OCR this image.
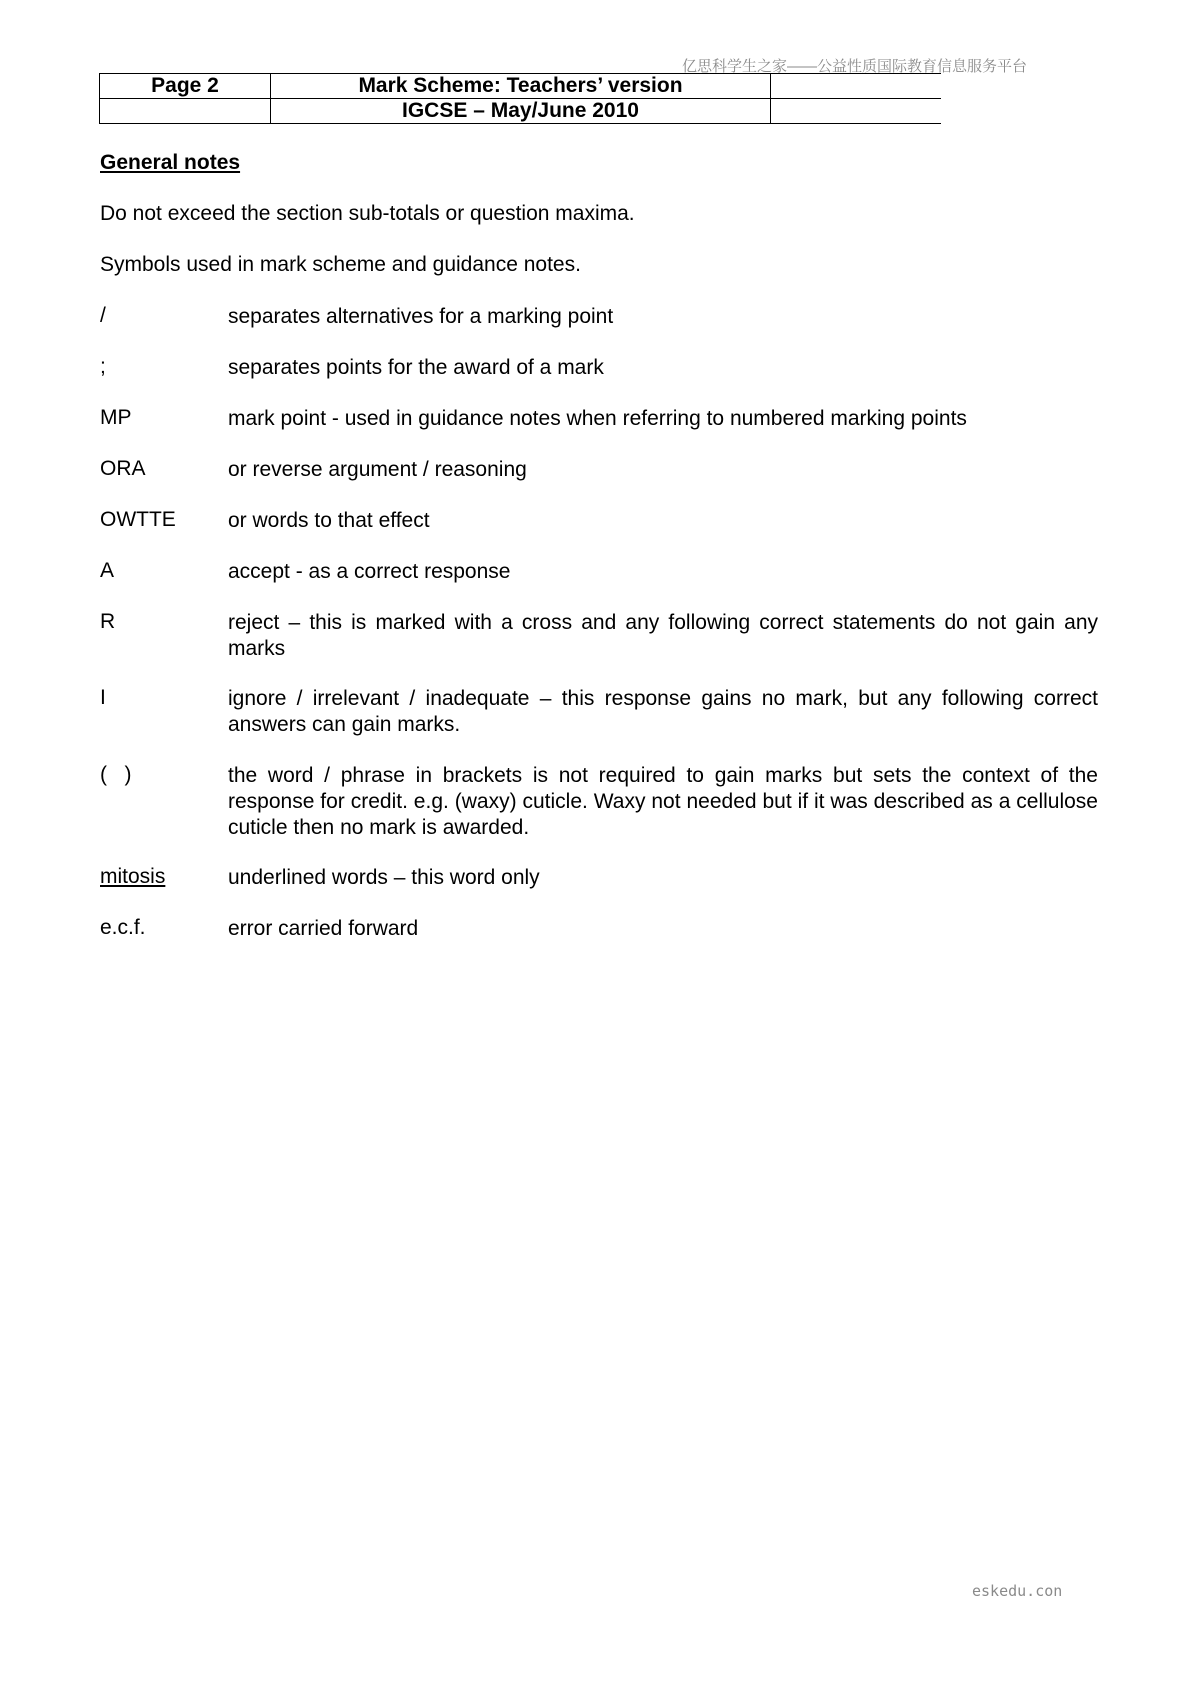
亿思科学生之家——公益性质国际教育信息服务平台
Page 2	Mark Scheme: Teachers’ version	
	IGCSE – May/June 2010	
General notes
Do not exceed the section sub-totals or question maxima.
Symbols used in mark scheme and guidance notes.
/	separates alternatives for a marking point
;	separates points for the award of a mark
MP	mark point - used in guidance notes when referring to numbered marking points
ORA	or reverse argument / reasoning
OWTTE or words to that effect
A	accept - as a correct response
R	reject – this is marked with a cross and any following correct statements do not gain any marks
I	ignore / irrelevant / inadequate – this response gains no mark, but any following correct answers can gain marks.
(   )	the word / phrase in brackets is not required to gain marks but sets the context of the response for credit. e.g. (waxy) cuticle. Waxy not needed but if it was described as a cellulose cuticle then no mark is awarded.
mitosis	underlined words – this word only
e.c.f.	error carried forward
eskedu.con
